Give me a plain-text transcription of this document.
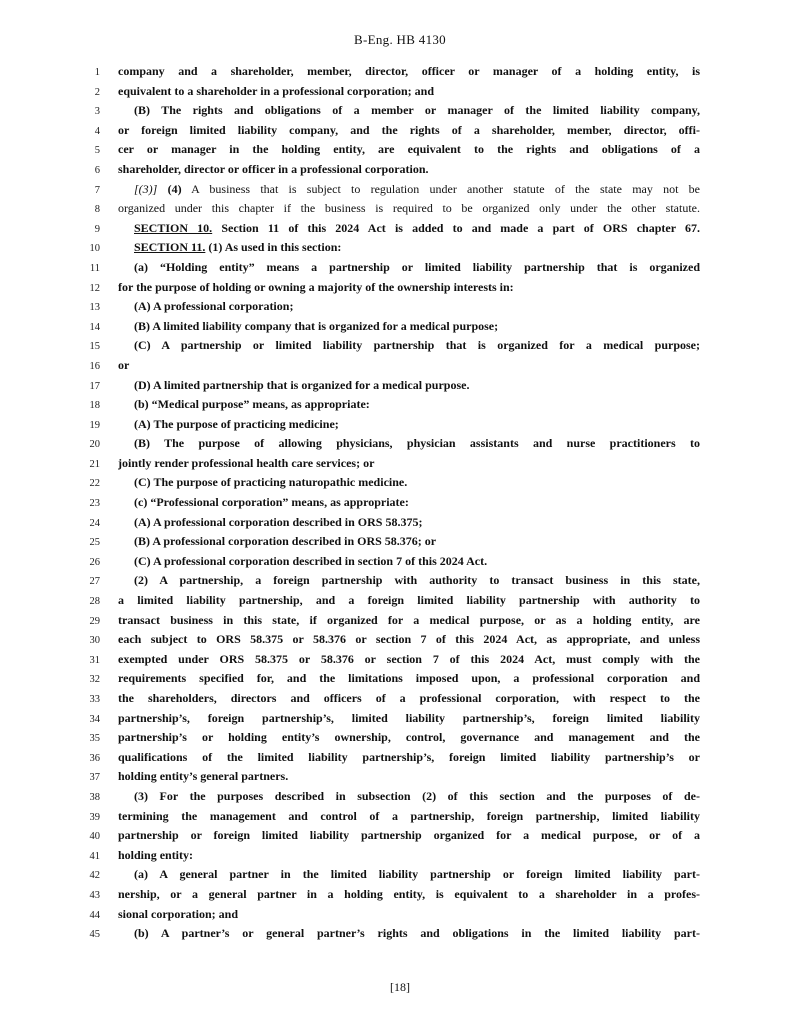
B-Eng. HB 4130
1 company and a shareholder, member, director, officer or manager of a holding entity, is
2 equivalent to a shareholder in a professional corporation; and
3	(B) The rights and obligations of a member or manager of the limited liability company,
4 or foreign limited liability company, and the rights of a shareholder, member, director, offi-
5 cer or manager in the holding entity, are equivalent to the rights and obligations of a
6 shareholder, director or officer in a professional corporation.
7	[(3)] (4) A business that is subject to regulation under another statute of the state may not be
8 organized under this chapter if the business is required to be organized only under the other statute.
9	SECTION 10. Section 11 of this 2024 Act is added to and made a part of ORS chapter 67.
10	SECTION 11. (1) As used in this section:
11	(a) “Holding entity” means a partnership or limited liability partnership that is organized
12 for the purpose of holding or owning a majority of the ownership interests in:
13	(A) A professional corporation;
14	(B) A limited liability company that is organized for a medical purpose;
15	(C) A partnership or limited liability partnership that is organized for a medical purpose;
16 or
17	(D) A limited partnership that is organized for a medical purpose.
18	(b) “Medical purpose” means, as appropriate:
19	(A) The purpose of practicing medicine;
20	(B) The purpose of allowing physicians, physician assistants and nurse practitioners to
21 jointly render professional health care services; or
22	(C) The purpose of practicing naturopathic medicine.
23	(c) “Professional corporation” means, as appropriate:
24	(A) A professional corporation described in ORS 58.375;
25	(B) A professional corporation described in ORS 58.376; or
26	(C) A professional corporation described in section 7 of this 2024 Act.
27	(2) A partnership, a foreign partnership with authority to transact business in this state,
28 a limited liability partnership, and a foreign limited liability partnership with authority to
29 transact business in this state, if organized for a medical purpose, or as a holding entity, are
30 each subject to ORS 58.375 or 58.376 or section 7 of this 2024 Act, as appropriate, and unless
31 exempted under ORS 58.375 or 58.376 or section 7 of this 2024 Act, must comply with the
32 requirements specified for, and the limitations imposed upon, a professional corporation and
33 the shareholders, directors and officers of a professional corporation, with respect to the
34 partnership’s, foreign partnership’s, limited liability partnership’s, foreign limited liability
35 partnership’s or holding entity’s ownership, control, governance and management and the
36 qualifications of the limited liability partnership’s, foreign limited liability partnership’s or
37 holding entity’s general partners.
38	(3) For the purposes described in subsection (2) of this section and the purposes of de-
39 termining the management and control of a partnership, foreign partnership, limited liability
40 partnership or foreign limited liability partnership organized for a medical purpose, or of a
41 holding entity:
42	(a) A general partner in the limited liability partnership or foreign limited liability part-
43 nership, or a general partner in a holding entity, is equivalent to a shareholder in a profes-
44 sional corporation; and
45	(b) A partner’s or general partner’s rights and obligations in the limited liability part-
[18]
